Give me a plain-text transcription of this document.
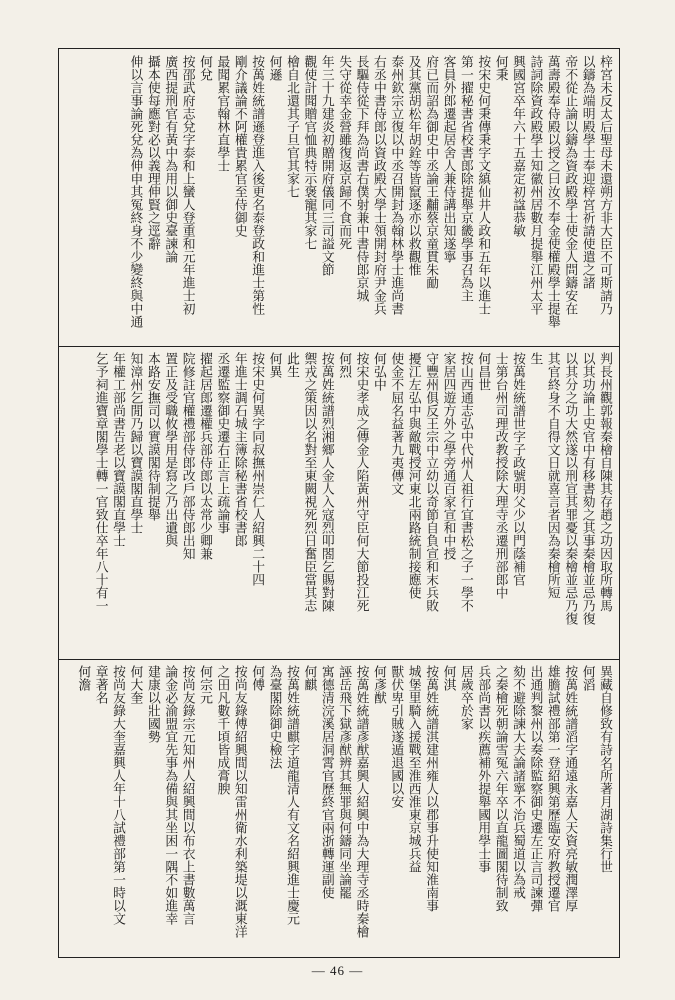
梓宮未反太后聖母未還朔方非大臣不可斯請乃
以鑄為端明殿學士奉迎梓宮祈請使遣之諸
帝不從止論以鑄為資政殿學士使金人問鑄安在
萬壽殿奉侍殿以授之曰汝不奉金使權殿學士提舉
詩詞除資政殿學士知徽州居數月提舉江州太平
興國宮卒年六十五嘉定初諡恭敏
何秉
按宋史何秉傳秉字文縝仙井人政和五年以進士
第一擢秘書省校書郎除提舉京畿學事召為主
客員外郎遷起居舍人兼侍講出知遂寧
府已而詔為御史中丞論王黼蔡京童貫朱勔
及其黨胡松年胡銓等皆竄逐亦以救觀惟
泰州欽宗立復以中丞召開封為翰林學士進尚書
右丞中書侍郎以資政殿大學士領開封府尹金兵
長驅侍從下拜為尚書右僕射兼中書侍郎京城
失守從幸金營雖復返京歸不食而死
年三十九建炎初贈開府儀同三司謚文節
觀使計聞贈官恤典特示褒寵其家七
檜自北還其子旦官其家七
何遜
按萬姓統譜遜登進入後更名泰登政和進士第性
剛介議論不阿權貴累官至侍御史
最聞累官翰林直學士
何兌
按邵武府志兌字泰和上蠻人登重和元年進士初
廣西提刑官有黃中為用以御史臺諫論
攝本使每應對必以義理伸賢之逕辭
伸以言事論死兌為伸申其冤終身不少變終與中通
判長州觀郭報秦檜自陳其存趙之功因取所轉馬
以其功論上史官中有移書劾之其事秦檜並忌乃復
以其分之功大然遂以刑宣其罪憂以秦檜並忌乃復
其官終身不自得文日就喜言者因為秦檜所短
生
按萬姓統譜世字子政號明父少以門蔭補官
士第台州司理改教授除大理寺丞遷刑部郎中
何昌世
按山西通志弘中代州人祖行宜書松之子一學不
家居四遊方外之學旁通百家宣和中授
守豐州俱反王宗中立幼以奇節自負宣和末兵敗
擾江左弘中與敵戰授河東北兩路統制接應使
使金不屈名益著九夷傳文
何弘中
按宋史孝成之傳金人陷黃州守臣何大節投江死
何烈
按萬姓統譜烈湘鄉人金人入寇烈叩閤乞賜對陳
禦戎之策因以名對至東闕視死烈日奮臣當其志
此生
何異
按宋史何異字同叔撫州崇仁人紹興二十四
年進士調石城主簿除秘書省校書郎
丞遷監察御史遷右正言上疏論事
擢起居郎遷權兵部侍郎以太常少卿兼
院修註官權禮部侍郎改戶部侍郎出知
置正及受職攸學用是寫之乃出遺與
本路安撫司以實謨閣待制提舉
知漳州乞閒乃歸以寶謨閣直學士
年權工部尚書告老以寶謨閣直學士
乞予祠進寶章閣學士轉一官致仕卒年八十有一
異藏自修致有詩名所著月湖詩集行世
何滔
按萬姓統譜滔字通遠永嘉人天資亮敏潤澤厚
雄膽試禮部第一登紹興第歷臨安府教授遷官
出通判黎州以奏除監察御史遷左正言司諫彈
劾不避除諫大夫論諸寧不治兵蜀道以為戒
之秦檜死朝論雪冤六年卒以直龍圖閣待制致
兵部尚書以疾薦補外提舉國用學士事
居歲卒於家
何淇
按萬姓統譜淇建州雍人以郡事升使知淮南事
城堡里騎入援戰至淮西淮東京城兵益
獸伏卑引賊遂遁退國以安
何彥猷
按萬姓統譜彥猷嘉興人紹興中為大理寺丞時秦檜
誣岳飛下獄彥猷辨其無罪與何鑄同坐論罷
寓德清浣溪居洞霄官歷終官兩浙轉運副使
何麒
按萬姓統譜麒字道龍清人有文名紹興進士慶元
為臺閣除御史檢法
何傅
按尚友錄傅紹興間以知雷州衛水利築堤以溉東洋
之田凡數千頃皆成膏腴
何宗元
按尚友錄宗元知州人紹興間以布衣上書數萬言
論金必渝盟宜先事為備與其坐困一隅不如進幸
建康以壯國勢
何大奎
按尚友錄大奎嘉興人年十八試禮部第一時以文
章著名
何澹
— 46 —
